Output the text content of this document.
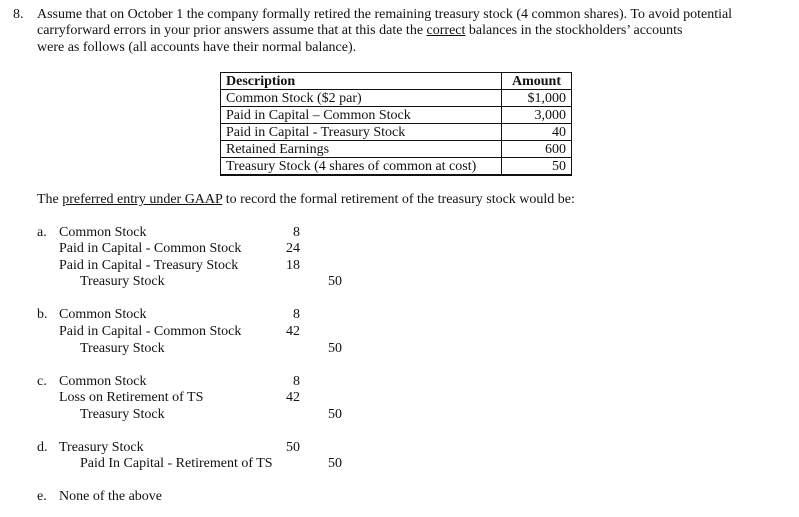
8. Assume that on October 1 the company formally retired the remaining treasury stock (4 common shares). To avoid potential
carryforward errors in your prior answers assume that at this date the correct balances in the stockholders’ accounts
were as follows (all accounts have their normal balance).
Description	Amount
Common Stock ($2 par)	$1,000
Paid in Capital – Common Stock	3,000
Paid in Capital - Treasury Stock	40
Retained Earnings	600
Treasury Stock (4 shares of common at cost)	50
The preferred entry under GAAP to record the formal retirement of the treasury stock would be:
a. Common Stock	8
Paid in Capital - Common Stock	24
Paid in Capital - Treasury Stock	18
Treasury Stock	50
b. Common Stock	8
Paid in Capital - Common Stock	42
Treasury Stock	50
c. Common Stock	8
Loss on Retirement of TS	42
Treasury Stock	50
d. Treasury Stock	50
Paid In Capital - Retirement of TS	50
e. None of the above
